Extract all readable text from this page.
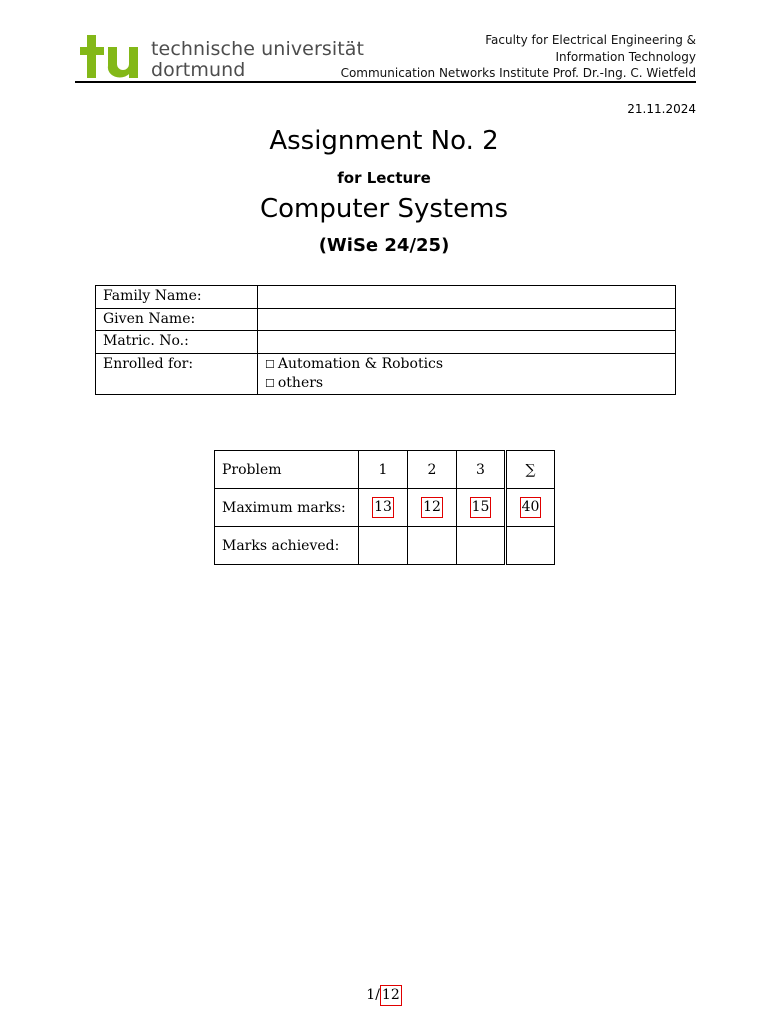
technische universität
dortmund
Faculty for Electrical Engineering &
Information Technology
Communication Networks Institute Prof. Dr.-Ing. C. Wietfeld
21.11.2024
Assignment No. 2
for Lecture
Computer Systems
(WiSe 24/25)
Family Name:	
Given Name:	
Matric. No.:	
Enrolled for:	☐ Automation & Robotics
☐ others
Problem	1	2	3	∑
Maximum marks:	13	12	15	40
Marks achieved:				
1/ 12
